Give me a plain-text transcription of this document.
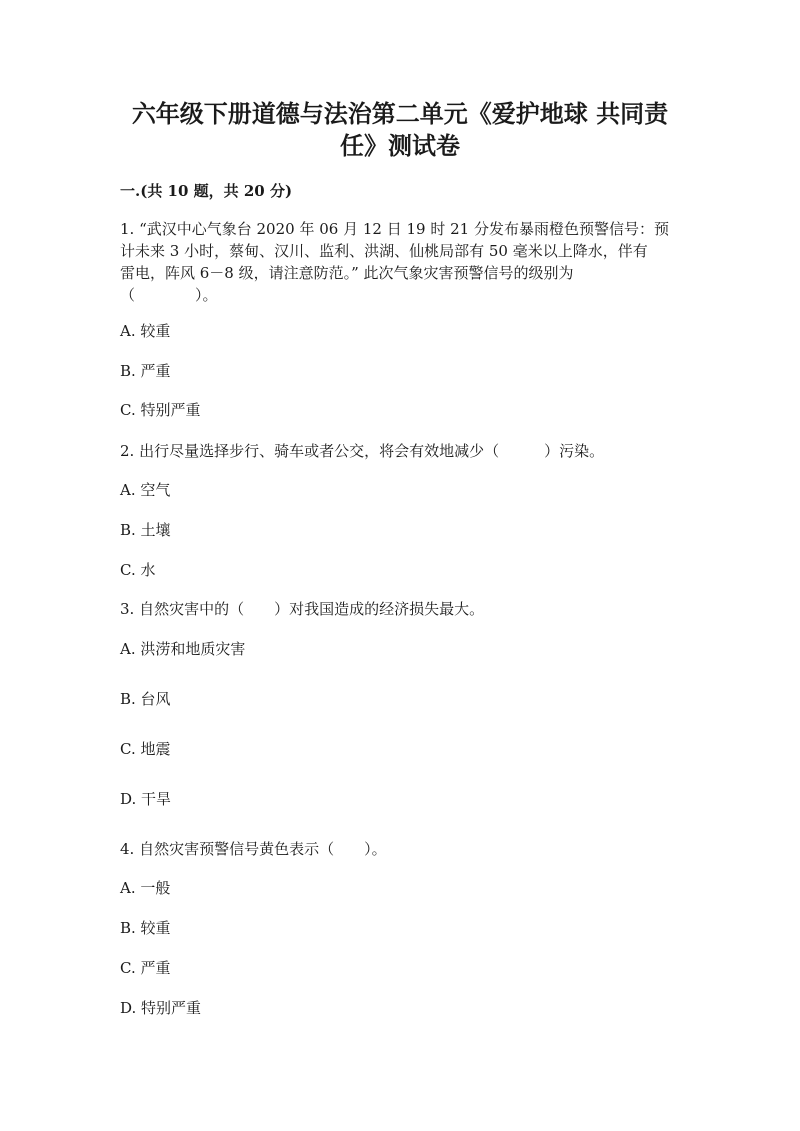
六年级下册道德与法治第二单元《爱护地球 共同责
任》测试卷
一.(共 10 题，共 20 分)
1. “武汉中心气象台 2020 年 06 月 12 日 19 时 21 分发布暴雨橙色预警信号：预
计未来 3 小时，蔡甸、汉川、监利、洪湖、仙桃局部有 50 毫米以上降水，伴有
雷电，阵风 6－8 级，请注意防范。” 此次气象灾害预警信号的级别为
（　　　　）。
A. 较重
B. 严重
C. 特别严重
2. 出行尽量选择步行、骑车或者公交，将会有效地减少（　　　）污染。
A. 空气
B. 土壤
C. 水
3. 自然灾害中的（　　）对我国造成的经济损失最大。
A. 洪涝和地质灾害
B. 台风
C. 地震
D. 干旱
4. 自然灾害预警信号黄色表示（　　）。
A. 一般
B. 较重
C. 严重
D. 特别严重
